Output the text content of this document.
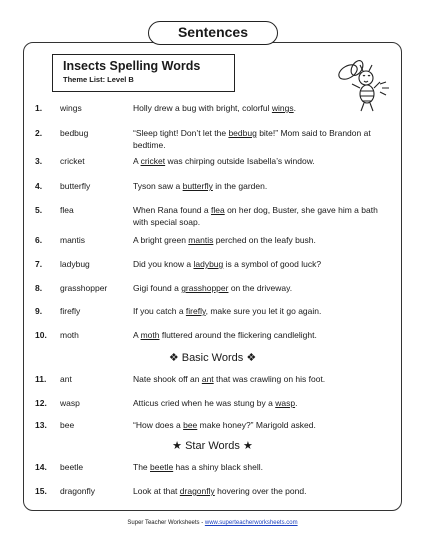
Sentences
Insects Spelling Words
Theme List: Level B
1. wings	Holly drew a bug with bright, colorful wings.
2. bedbug	“Sleep tight! Don’t let the bedbug bite!” Mom said to Brandon at bedtime.
3. cricket	A cricket was chirping outside Isabella’s window.
4. butterfly	Tyson saw a butterfly in the garden.
5. flea	When Rana found a flea on her dog, Buster, she gave him a bath with special soap.
6. mantis	A bright green mantis perched on the leafy bush.
7. ladybug	Did you know a ladybug is a symbol of good luck?
8. grasshopper	Gigi found a grasshopper on the driveway.
9. firefly	If you catch a firefly, make sure you let it go again.
10. moth	A moth fluttered around the flickering candlelight.
❖ Basic Words ❖
11. ant	Nate shook off an ant that was crawling on his foot.
12. wasp	Atticus cried when he was stung by a wasp.
13. bee	“How does a bee make honey?” Marigold asked.
★ Star Words ★
14. beetle	The beetle has a shiny black shell.
15. dragonfly	Look at that dragonfly hovering over the pond.
Super Teacher Worksheets - www.superteacherworksheets.com
